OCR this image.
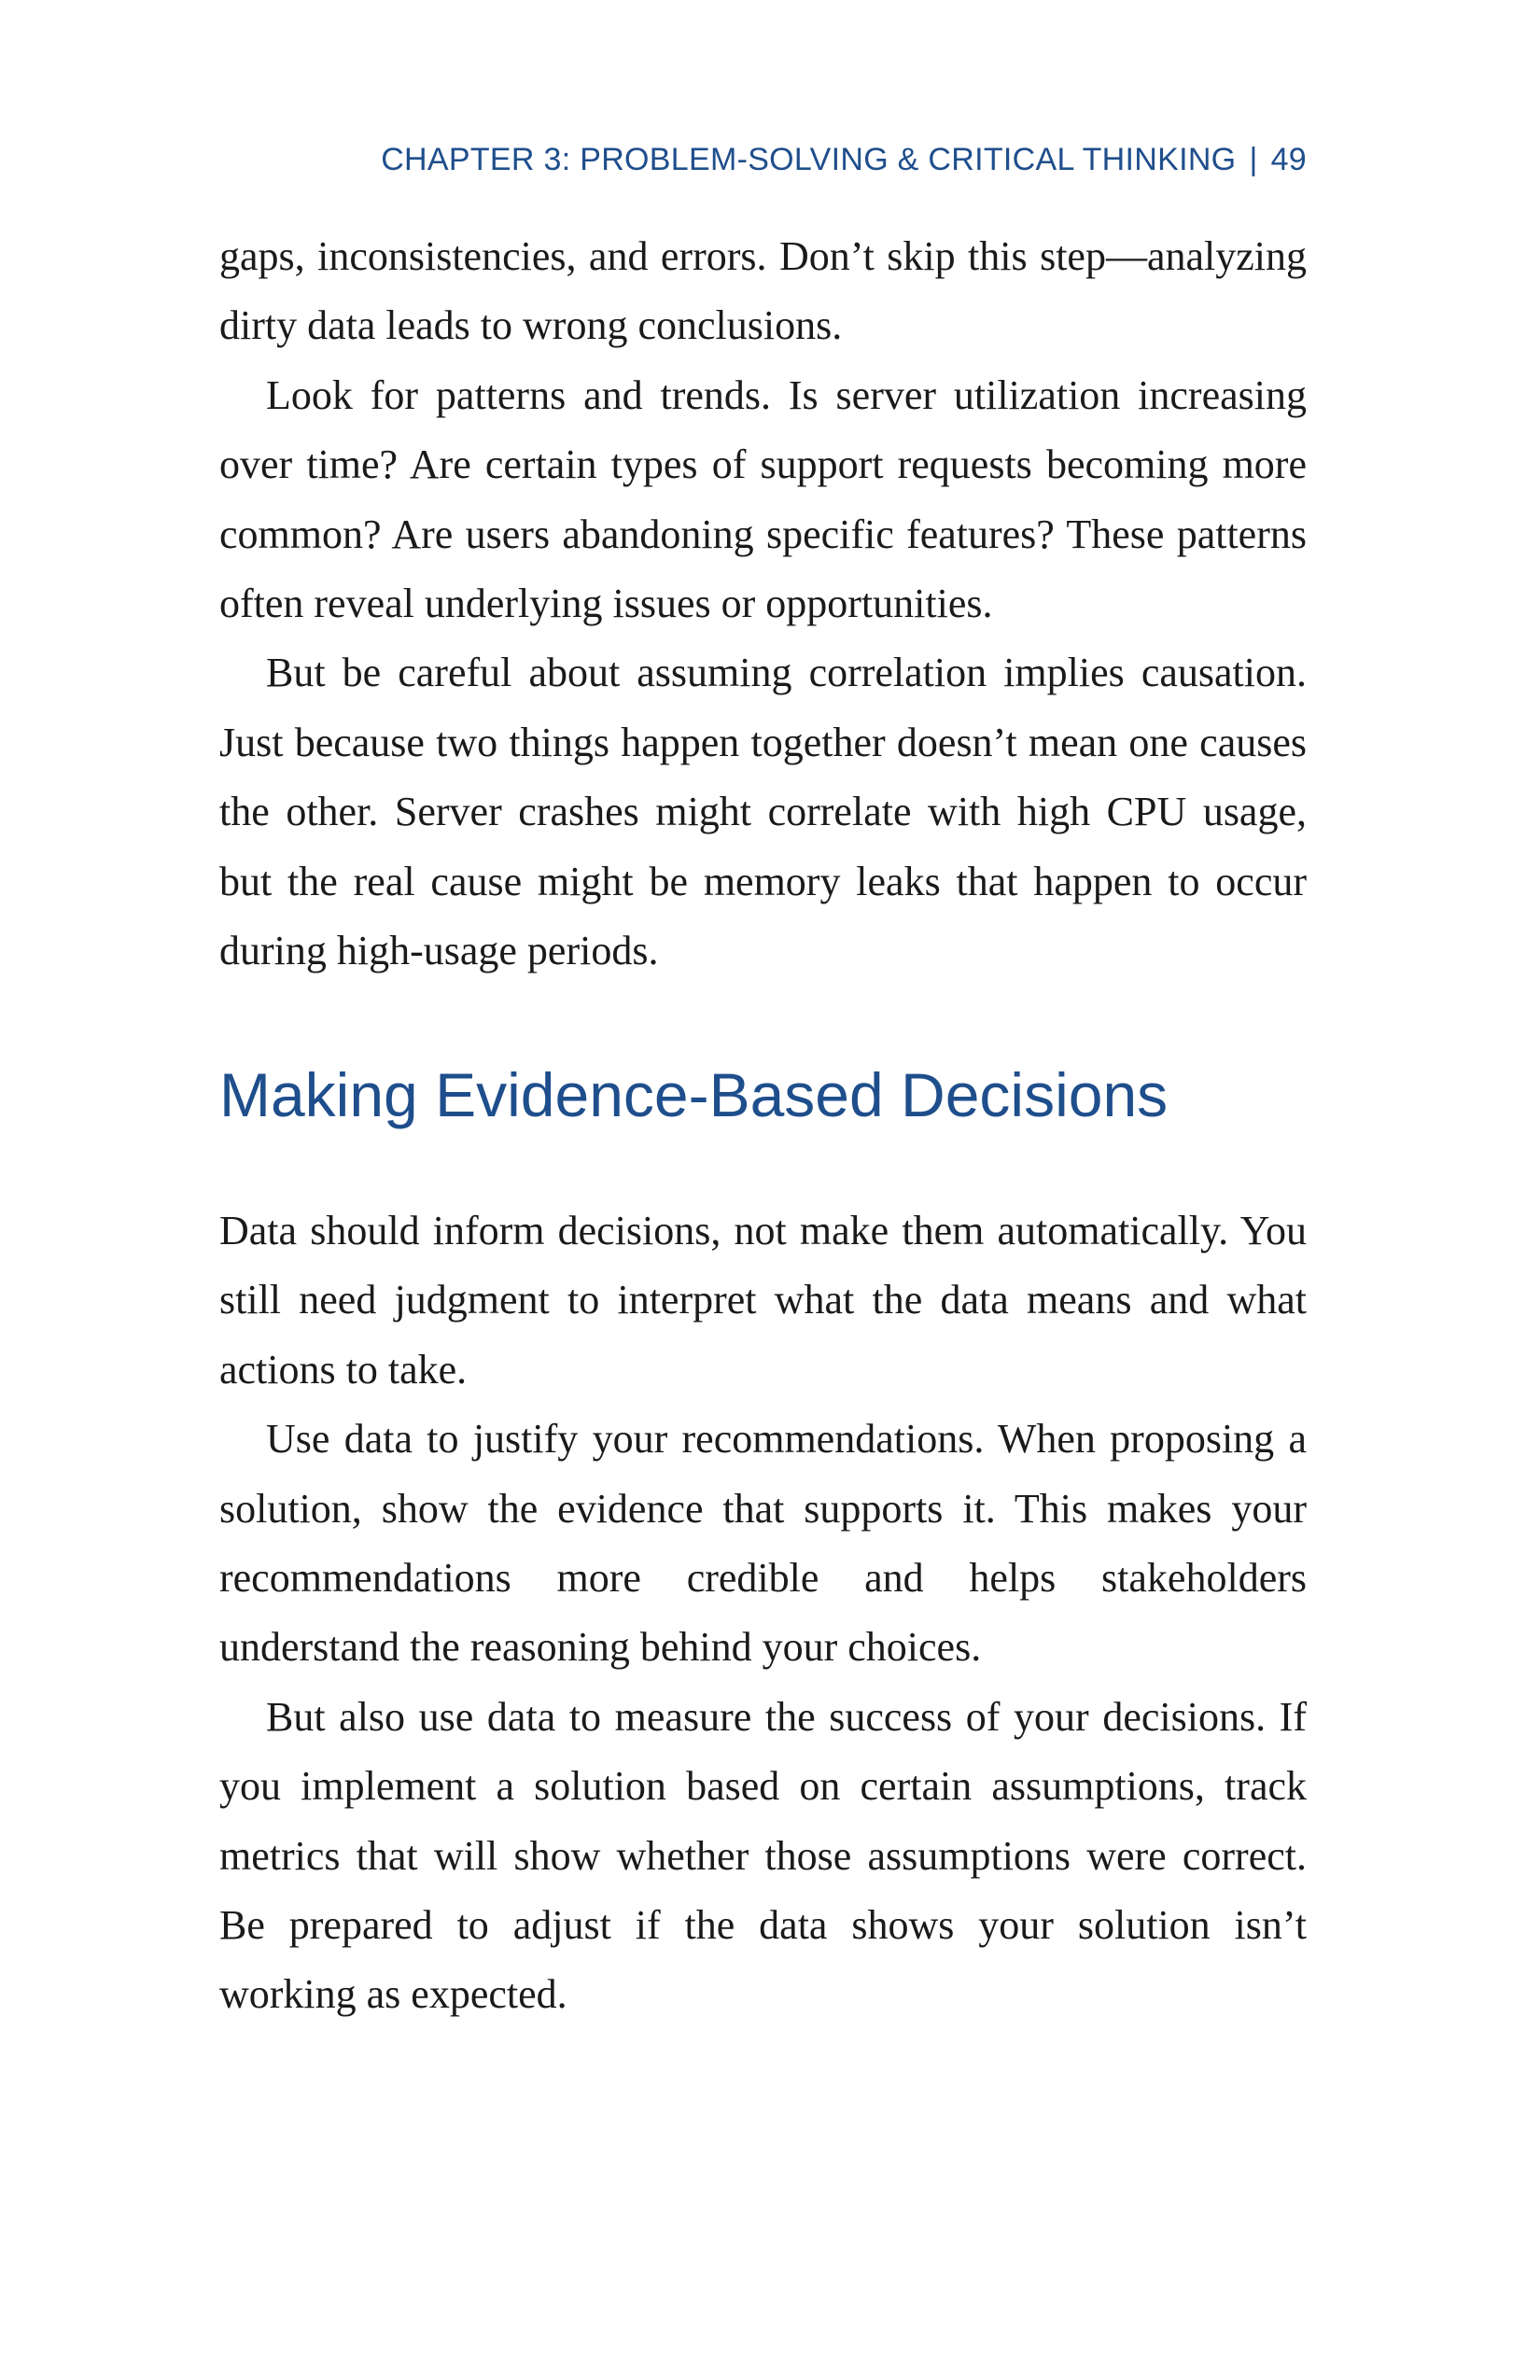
CHAPTER 3: PROBLEM-SOLVING & CRITICAL THINKING | 49

gaps, inconsistencies, and errors. Don’t skip this step—analyzing dirty data leads to wrong conclusions.

Look for patterns and trends. Is server utilization increasing over time? Are certain types of support requests becoming more common? Are users abandoning specific features? These patterns often reveal underlying issues or opportunities.

But be careful about assuming correlation implies causation. Just because two things happen together doesn’t mean one causes the other. Server crashes might correlate with high CPU usage, but the real cause might be memory leaks that happen to occur during high-usage periods.

Making Evidence-Based Decisions

Data should inform decisions, not make them automatically. You still need judgment to interpret what the data means and what actions to take.

Use data to justify your recommendations. When proposing a solution, show the evidence that supports it. This makes your recommendations more credible and helps stakeholders understand the reasoning behind your choices.

But also use data to measure the success of your decisions. If you implement a solution based on certain assumptions, track metrics that will show whether those assumptions were correct. Be prepared to adjust if the data shows your solution isn’t working as expected.
